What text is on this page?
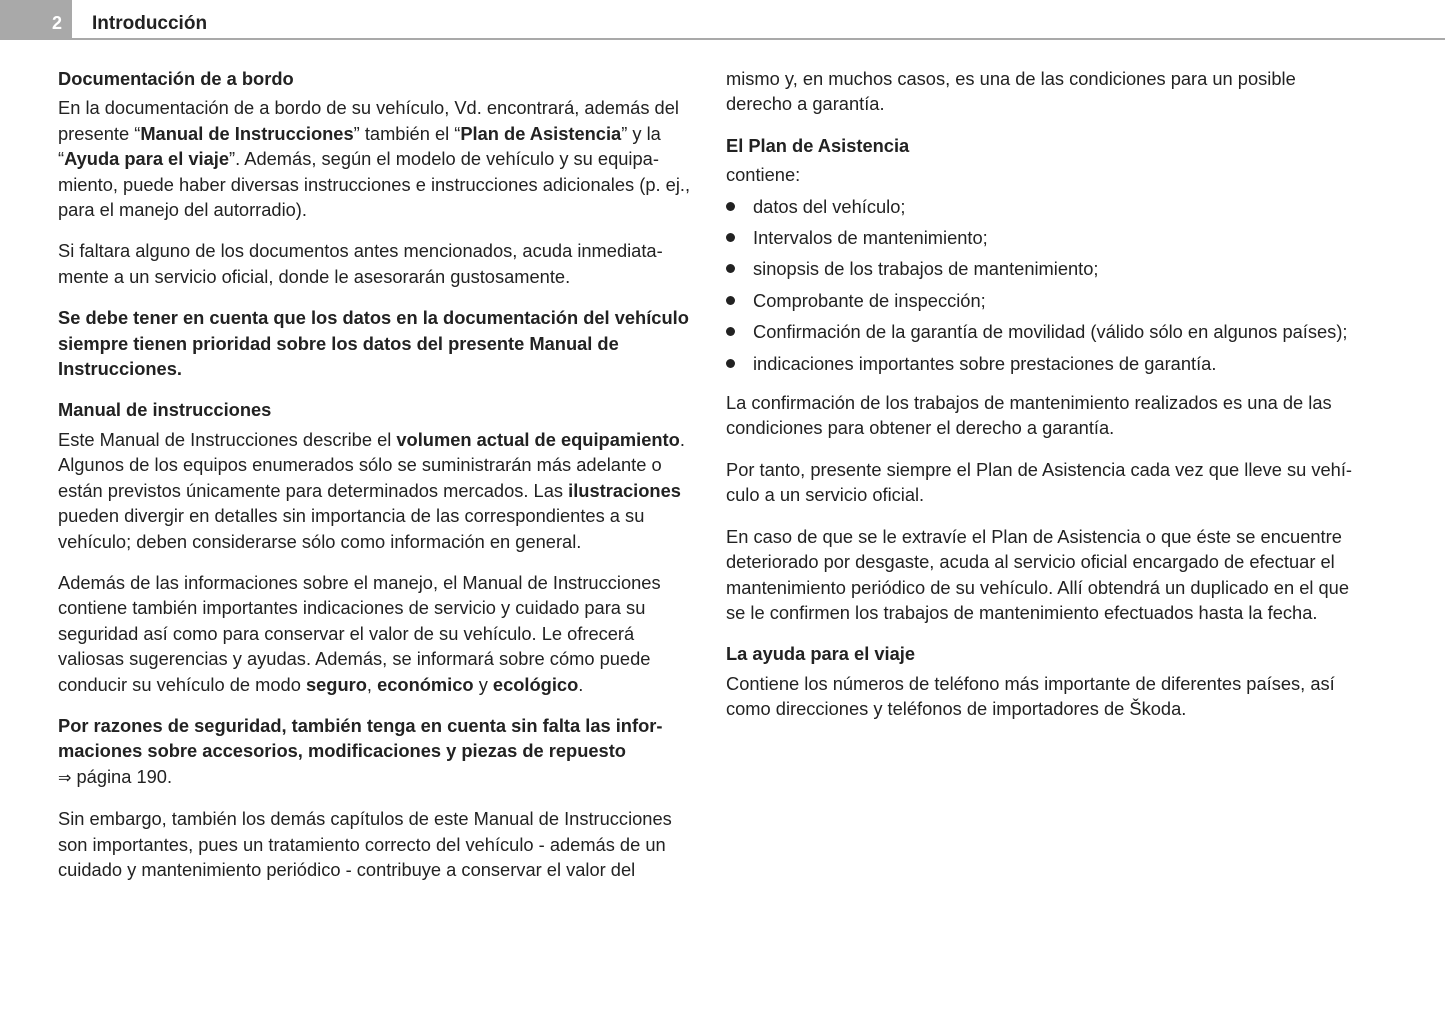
2 Introducción

Documentación de a bordo

En la documentación de a bordo de su vehículo, Vd. encontrará, además del presente “Manual de Instrucciones” también el “Plan de Asistencia” y la “Ayuda para el viaje”. Además, según el modelo de vehículo y su equipamiento, puede haber diversas instrucciones e instrucciones adicionales (p. ej., para el manejo del autorradio).

Si faltara alguno de los documentos antes mencionados, acuda inmediatamente a un servicio oficial, donde le asesorarán gustosamente.

Se debe tener en cuenta que los datos en la documentación del vehículo siempre tienen prioridad sobre los datos del presente Manual de Instrucciones.

Manual de instrucciones

Este Manual de Instrucciones describe el volumen actual de equipamiento. Algunos de los equipos enumerados sólo se suministrarán más adelante o están previstos únicamente para determinados mercados. Las ilustraciones pueden divergir en detalles sin importancia de las correspondientes a su vehículo; deben considerarse sólo como información en general.

Además de las informaciones sobre el manejo, el Manual de Instrucciones contiene también importantes indicaciones de servicio y cuidado para su seguridad así como para conservar el valor de su vehículo. Le ofrecerá valiosas sugerencias y ayudas. Además, se informará sobre cómo puede conducir su vehículo de modo seguro, económico y ecológico.

Por razones de seguridad, también tenga en cuenta sin falta las informaciones sobre accesorios, modificaciones y piezas de repuesto
⇒ página 190.

Sin embargo, también los demás capítulos de este Manual de Instrucciones son importantes, pues un tratamiento correcto del vehículo - además de un cuidado y mantenimiento periódico - contribuye a conservar el valor del

mismo y, en muchos casos, es una de las condiciones para un posible derecho a garantía.

El Plan de Asistencia

contiene:

datos del vehículo;
Intervalos de mantenimiento;
sinopsis de los trabajos de mantenimiento;
Comprobante de inspección;
Confirmación de la garantía de movilidad (válido sólo en algunos países);
indicaciones importantes sobre prestaciones de garantía.

La confirmación de los trabajos de mantenimiento realizados es una de las condiciones para obtener el derecho a garantía.

Por tanto, presente siempre el Plan de Asistencia cada vez que lleve su vehículo a un servicio oficial.

En caso de que se le extravíe el Plan de Asistencia o que éste se encuentre deteriorado por desgaste, acuda al servicio oficial encargado de efectuar el mantenimiento periódico de su vehículo. Allí obtendrá un duplicado en el que se le confirmen los trabajos de mantenimiento efectuados hasta la fecha.

La ayuda para el viaje

Contiene los números de teléfono más importante de diferentes países, así como direcciones y teléfonos de importadores de Škoda.
